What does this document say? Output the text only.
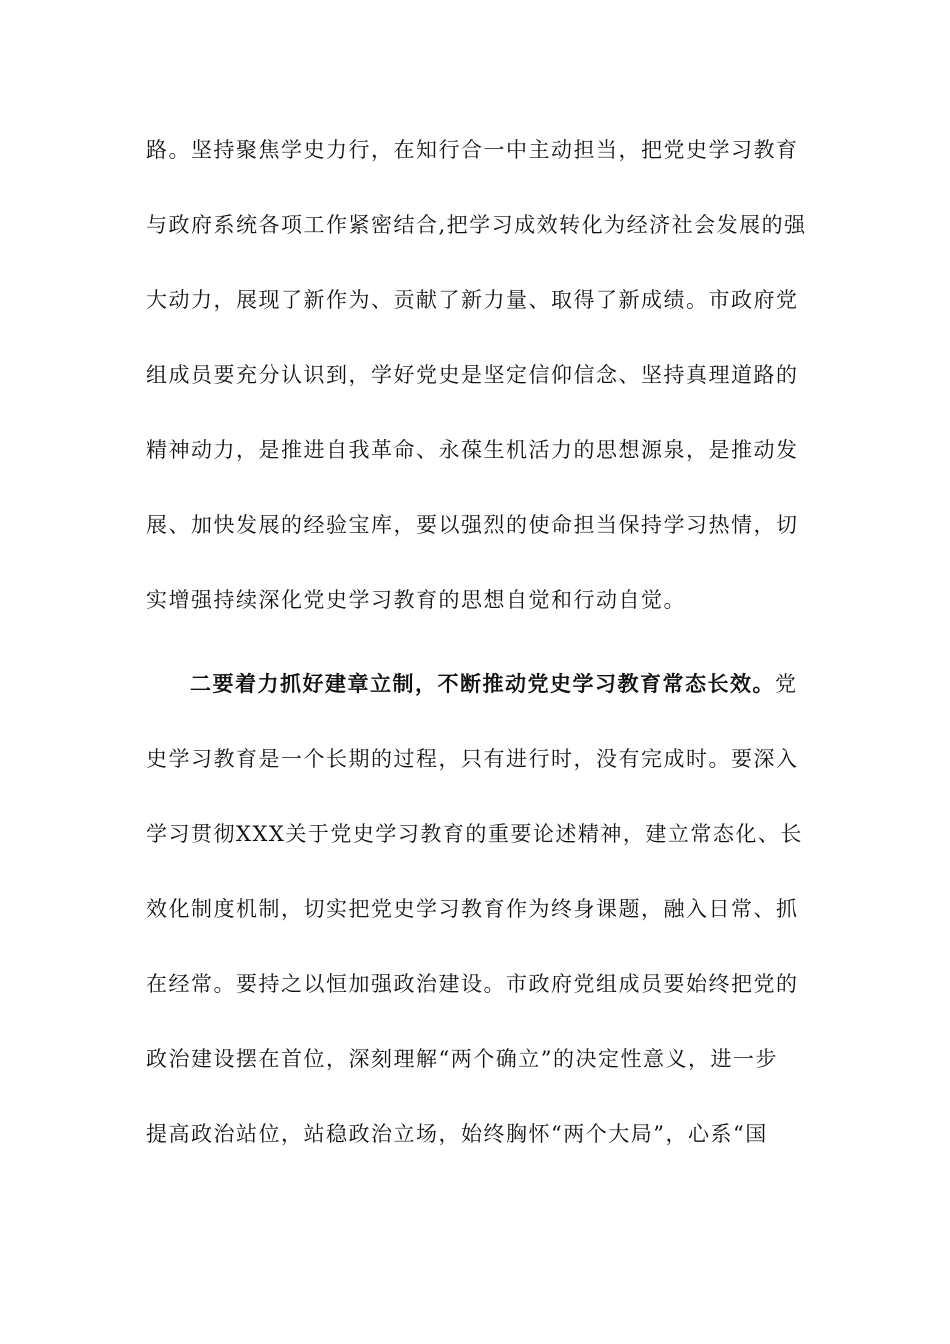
路。坚持聚焦学史力行，在知行合一中主动担当，把党史学习教育
与政府系统各项工作紧密结合,把学习成效转化为经济社会发展的强
大动力，展现了新作为、贡献了新力量、取得了新成绩。市政府党
组成员要充分认识到，学好党史是坚定信仰信念、坚持真理道路的
精神动力，是推进自我革命、永葆生机活力的思想源泉，是推动发
展、加快发展的经验宝库，要以强烈的使命担当保持学习热情，切
实增强持续深化党史学习教育的思想自觉和行动自觉。
二要着力抓好建章立制，不断推动党史学习教育常态长效。党
史学习教育是一个长期的过程，只有进行时，没有完成时。要深入
学习贯彻XXX关于党史学习教育的重要论述精神，建立常态化、长
效化制度机制，切实把党史学习教育作为终身课题，融入日常、抓
在经常。要持之以恒加强政治建设。市政府党组成员要始终把党的
政治建设摆在首位，深刻理解“两个确立”的决定性意义，进一步
提高政治站位，站稳政治立场，始终胸怀“两个大局”，心系“国
